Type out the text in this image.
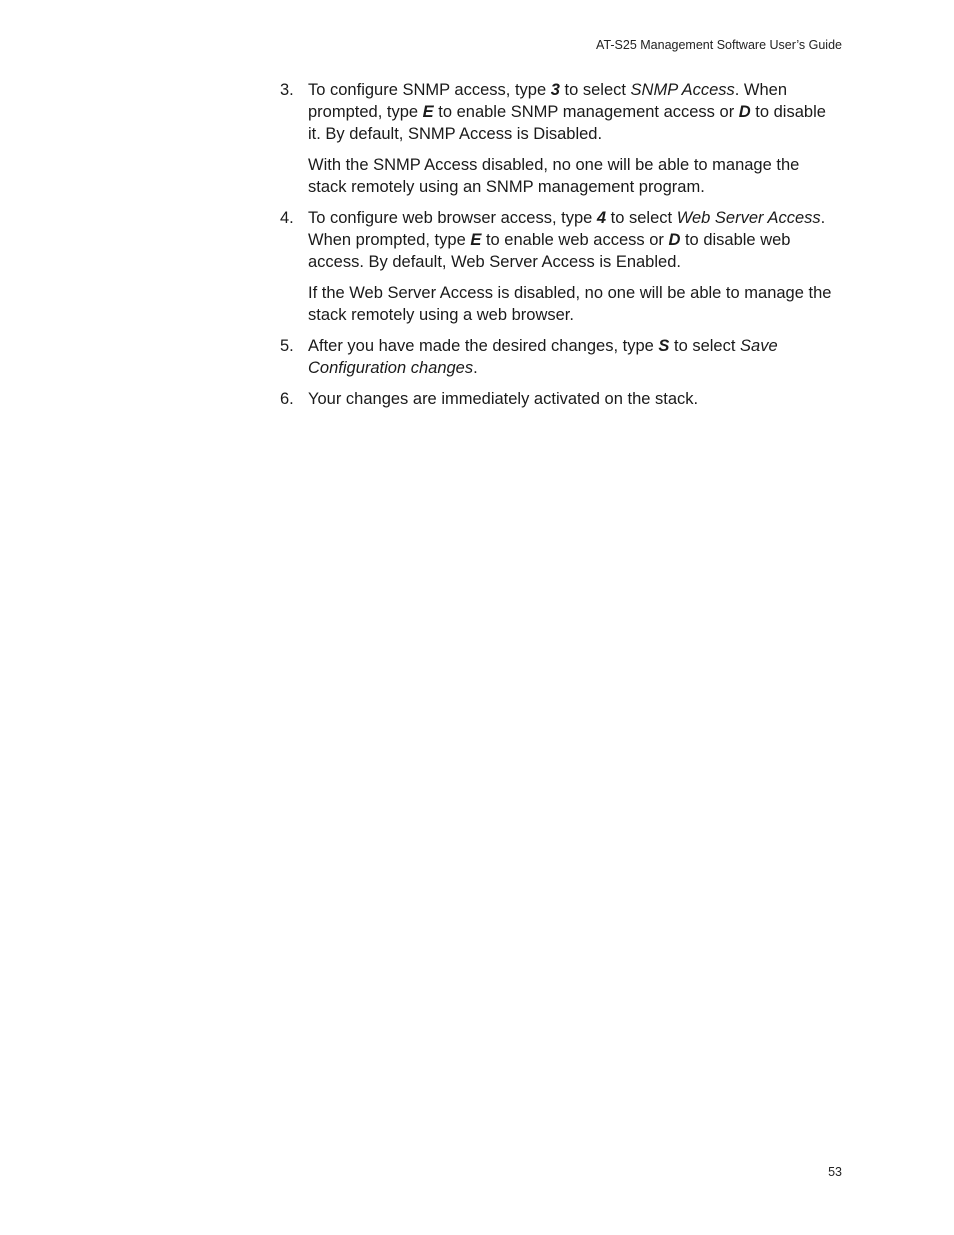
AT-S25 Management Software User’s Guide
3. To configure SNMP access, type 3 to select SNMP Access. When prompted, type E to enable SNMP management access or D to disable it. By default, SNMP Access is Disabled.

With the SNMP Access disabled, no one will be able to manage the stack remotely using an SNMP management program.

4. To configure web browser access, type 4 to select Web Server Access. When prompted, type E to enable web access or D to disable web access. By default, Web Server Access is Enabled.

If the Web Server Access is disabled, no one will be able to manage the stack remotely using a web browser.

5. After you have made the desired changes, type S to select Save Configuration changes.
6. Your changes are immediately activated on the stack.
53
